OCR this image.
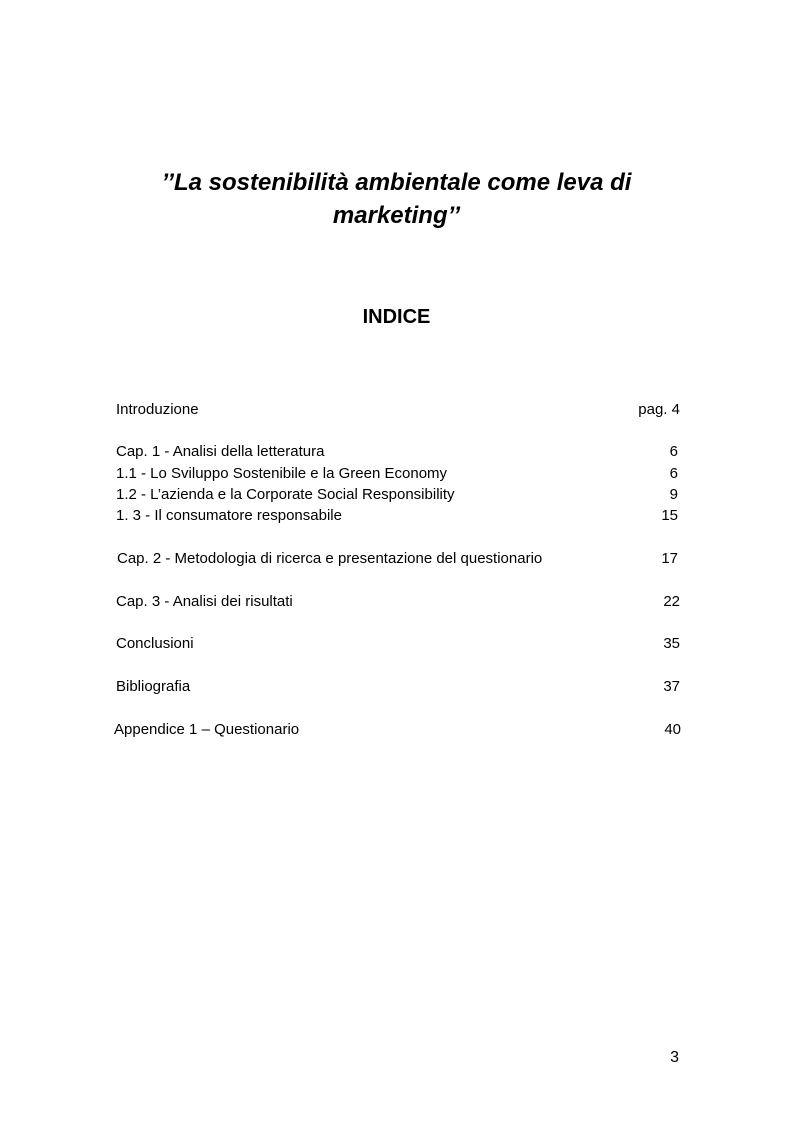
’’La sostenibilità ambientale come leva di
marketing’’
INDICE
Introduzione	pag. 4
Cap. 1 - Analisi della letteratura	6
1.1 - Lo Sviluppo Sostenibile e la Green Economy	6
1.2 - L’azienda e la Corporate Social Responsibility	9
1. 3 - Il consumatore responsabile	15
Cap. 2 - Metodologia di ricerca e presentazione del questionario	17
Cap. 3 - Analisi dei risultati	22
Conclusioni	35
Bibliografia	37
Appendice 1 – Questionario	40
3
